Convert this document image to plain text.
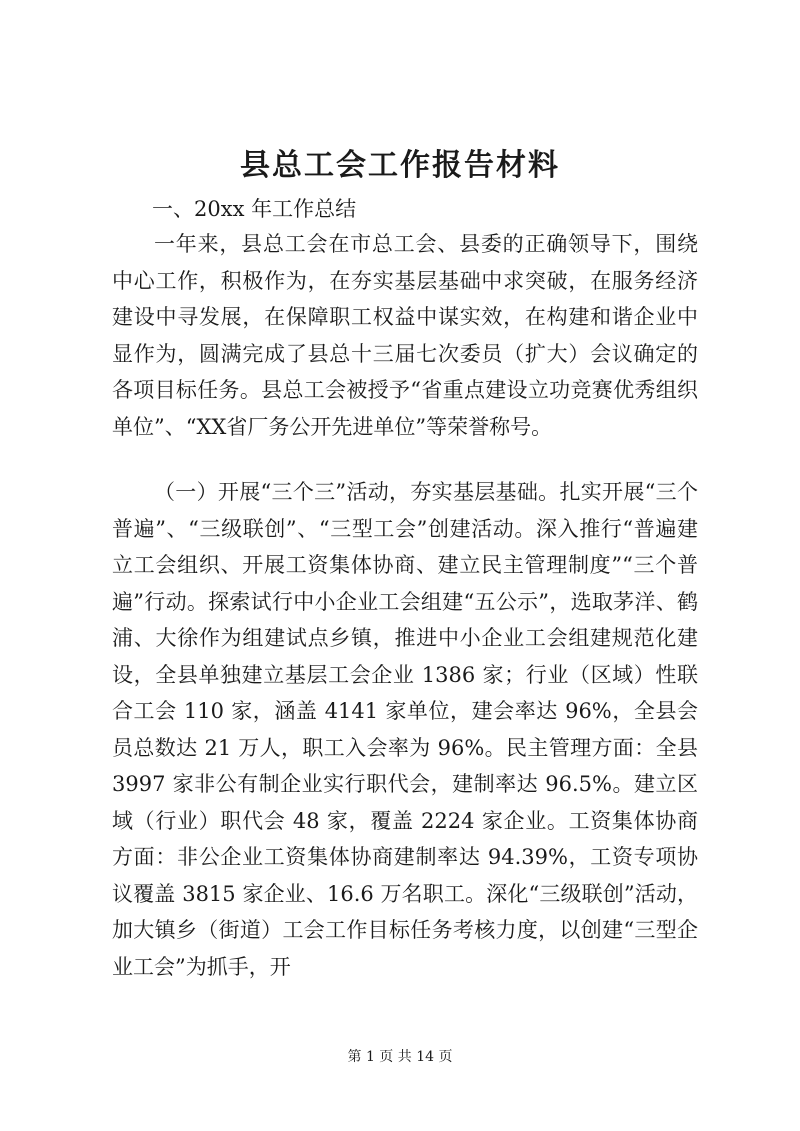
县总工会工作报告材料
一、20xx 年工作总结
一年来，县总工会在市总工会、县委的正确领导下，围绕中心工作，积极作为，在夯实基层基础中求突破，在服务经济建设中寻发展，在保障职工权益中谋实效，在构建和谐企业中显作为，圆满完成了县总十三届七次委员（扩大）会议确定的各项目标任务。县总工会被授予“省重点建设立功竞赛优秀组织单位”、“XX省厂务公开先进单位”等荣誉称号。
（一）开展“三个三”活动，夯实基层基础。扎实开展“三个普遍”、“三级联创”、“三型工会”创建活动。深入推行“普遍建立工会组织、开展工资集体协商、建立民主管理制度”“三个普遍”行动。探索试行中小企业工会组建“五公示”，选取茅洋、鹤浦、大徐作为组建试点乡镇，推进中小企业工会组建规范化建设，全县单独建立基层工会企业 1386 家；行业（区域）性联合工会 110 家，涵盖 4141 家单位，建会率达 96%，全县会员总数达 21 万人，职工入会率为 96%。民主管理方面：全县 3997 家非公有制企业实行职代会，建制率达 96.5%。建立区域（行业）职代会 48 家，覆盖 2224 家企业。工资集体协商方面：非公企业工资集体协商建制率达 94.39%，工资专项协议覆盖 3815 家企业、16.6 万名职工。深化“三级联创”活动，加大镇乡（街道）工会工作目标任务考核力度，以创建“三型企业工会”为抓手，开
第 1 页 共 14 页
